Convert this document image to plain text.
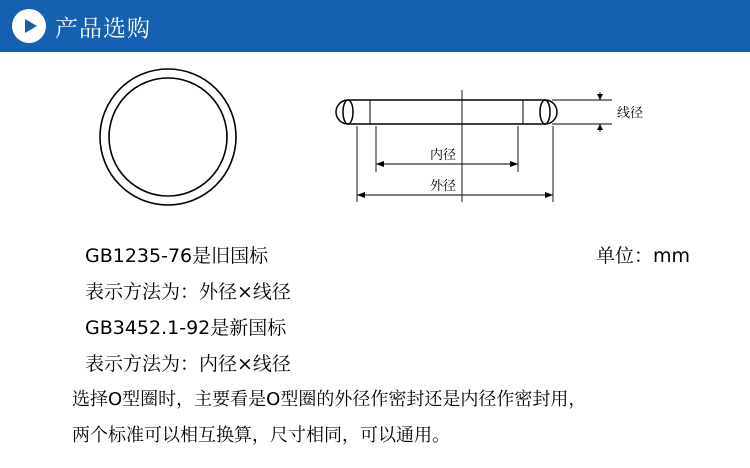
产品选购
线径
内径
外径
GB1235-76是旧国标	单位：mm
表示方法为：外径×线径
GB3452.1-92是新国标
表示方法为：内径×线径
选择O型圈时，主要看是O型圈的外径作密封还是内径作密封用，
两个标准可以相互换算，尺寸相同，可以通用。
